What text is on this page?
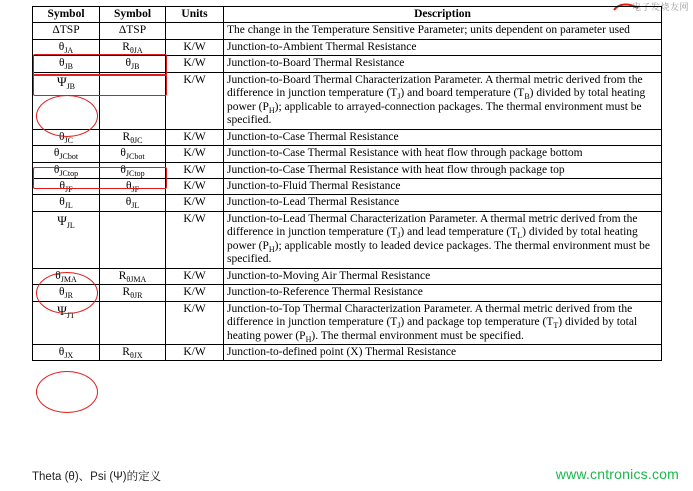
电子发烧友网
Symbol	Symbol	Units	Description
ΔTSP	ΔTSP		The change in the Temperature Sensitive Parameter; units dependent on parameter used
$\theta_{JA}$	$R_{\theta JA}$	K/W	Junction-to-Ambient Thermal Resistance
$\theta_{JB}$	$\theta_{JB}$	K/W	Junction-to-Board Thermal Resistance
$\Psi_{JB}$		K/W	Junction-to-Board Thermal Characterization Parameter. A thermal metric derived from the difference in junction temperature $(T_J)$ and board temperature $(T_B)$ divided by total heating power $(P_H)$; applicable to arrayed-connection packages. The thermal environment must be specified.
$\theta_{JC}$	$R_{\theta JC}$	K/W	Junction-to-Case Thermal Resistance
$\theta_{JCbot}$	$\theta_{JCbot}$	K/W	Junction-to-Case Thermal Resistance with heat flow through package bottom
$\theta_{JCtop}$	$\theta_{JCtop}$	K/W	Junction-to-Case Thermal Resistance with heat flow through package top
$\theta_{JF}$	$\theta_{JF}$	K/W	Junction-to-Fluid Thermal Resistance
$\theta_{JL}$	$\theta_{JL}$	K/W	Junction-to-Lead Thermal Resistance
$\Psi_{JL}$		K/W	Junction-to-Lead Thermal Characterization Parameter. A thermal metric derived from the difference in junction temperature $(T_J)$ and lead temperature $(T_L)$ divided by total heating power $(P_H)$; applicable mostly to leaded device packages. The thermal environment must be specified.
$\theta_{JMA}$	$R_{\theta JMA}$	K/W	Junction-to-Moving Air Thermal Resistance
$\theta_{JR}$	$R_{\theta JR}$	K/W	Junction-to-Reference Thermal Resistance
$\Psi_{JT}$		K/W	Junction-to-Top Thermal Characterization Parameter. A thermal metric derived from the difference in junction temperature $(T_J)$ and package top temperature $(T_T)$ divided by total heating power $(P_H)$. The thermal environment must be specified.
$\theta_{JX}$	$R_{\theta JX}$	K/W	Junction-to-defined point (X) Thermal Resistance
Theta (θ)、Psi (Ψ)的定义	www.cntronics.com
